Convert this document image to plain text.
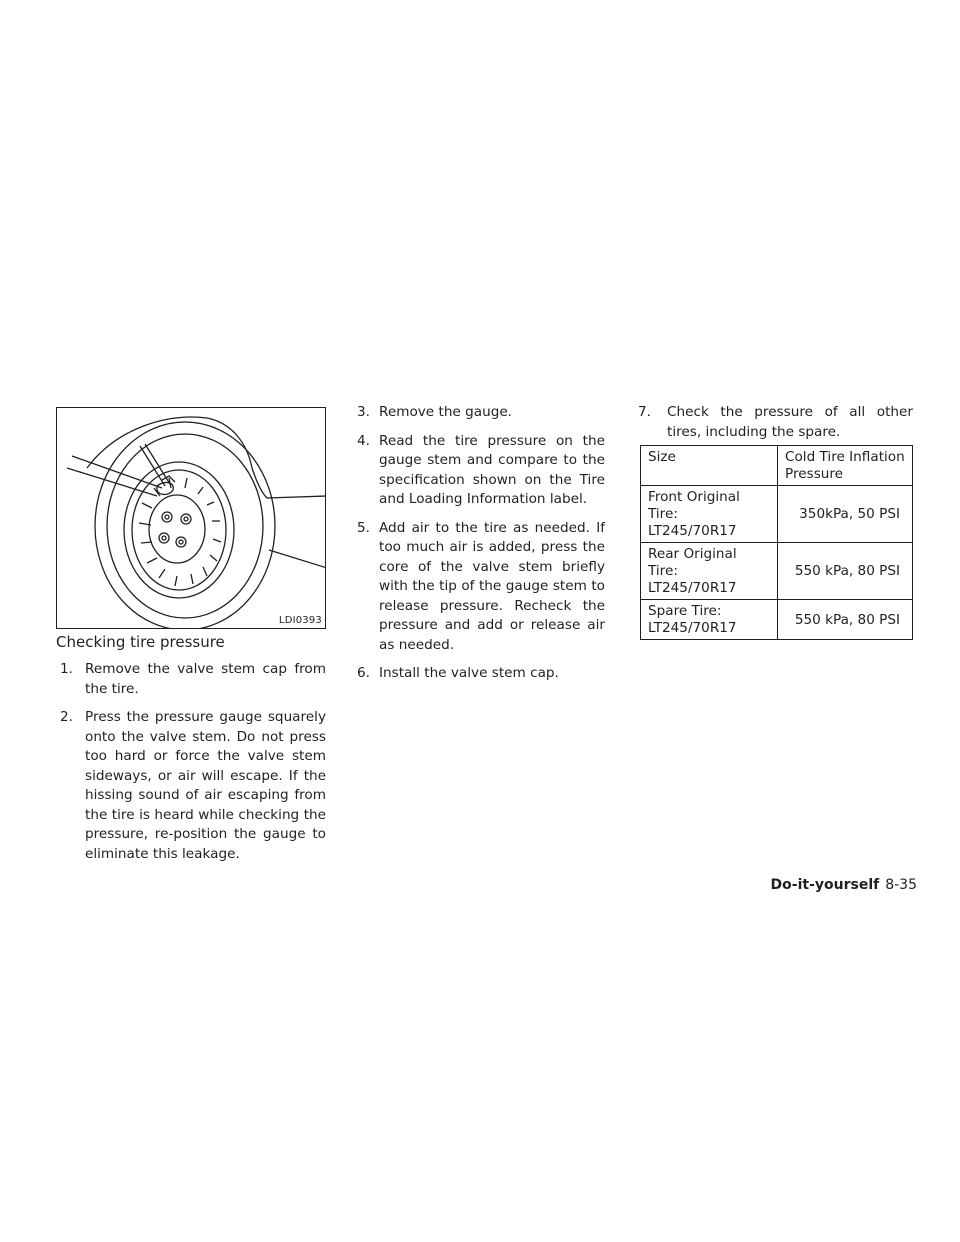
LDI0393
Checking tire pressure
1. Remove the valve stem cap from the tire.
2. Press the pressure gauge squarely onto the valve stem. Do not press too hard or force the valve stem sideways, or air will escape. If the hissing sound of air escaping from the tire is heard while checking the pressure, re-position the gauge to eliminate this leakage.
3. Remove the gauge.
4. Read the tire pressure on the gauge stem and compare to the specification shown on the Tire and Loading Information label.
5. Add air to the tire as needed. If too much air is added, press the core of the valve stem briefly with the tip of the gauge stem to release pressure. Recheck the pressure and add or release air as needed.
6. Install the valve stem cap.
7. Check the pressure of all other tires, including the spare.
Size	Cold Tire Inflation Pressure
Front Original Tire: LT245/70R17	350kPa, 50 PSI
Rear Original Tire: LT245/70R17	550 kPa, 80 PSI
Spare Tire: LT245/70R17	550 kPa, 80 PSI
Do-it-yourself 8-35
